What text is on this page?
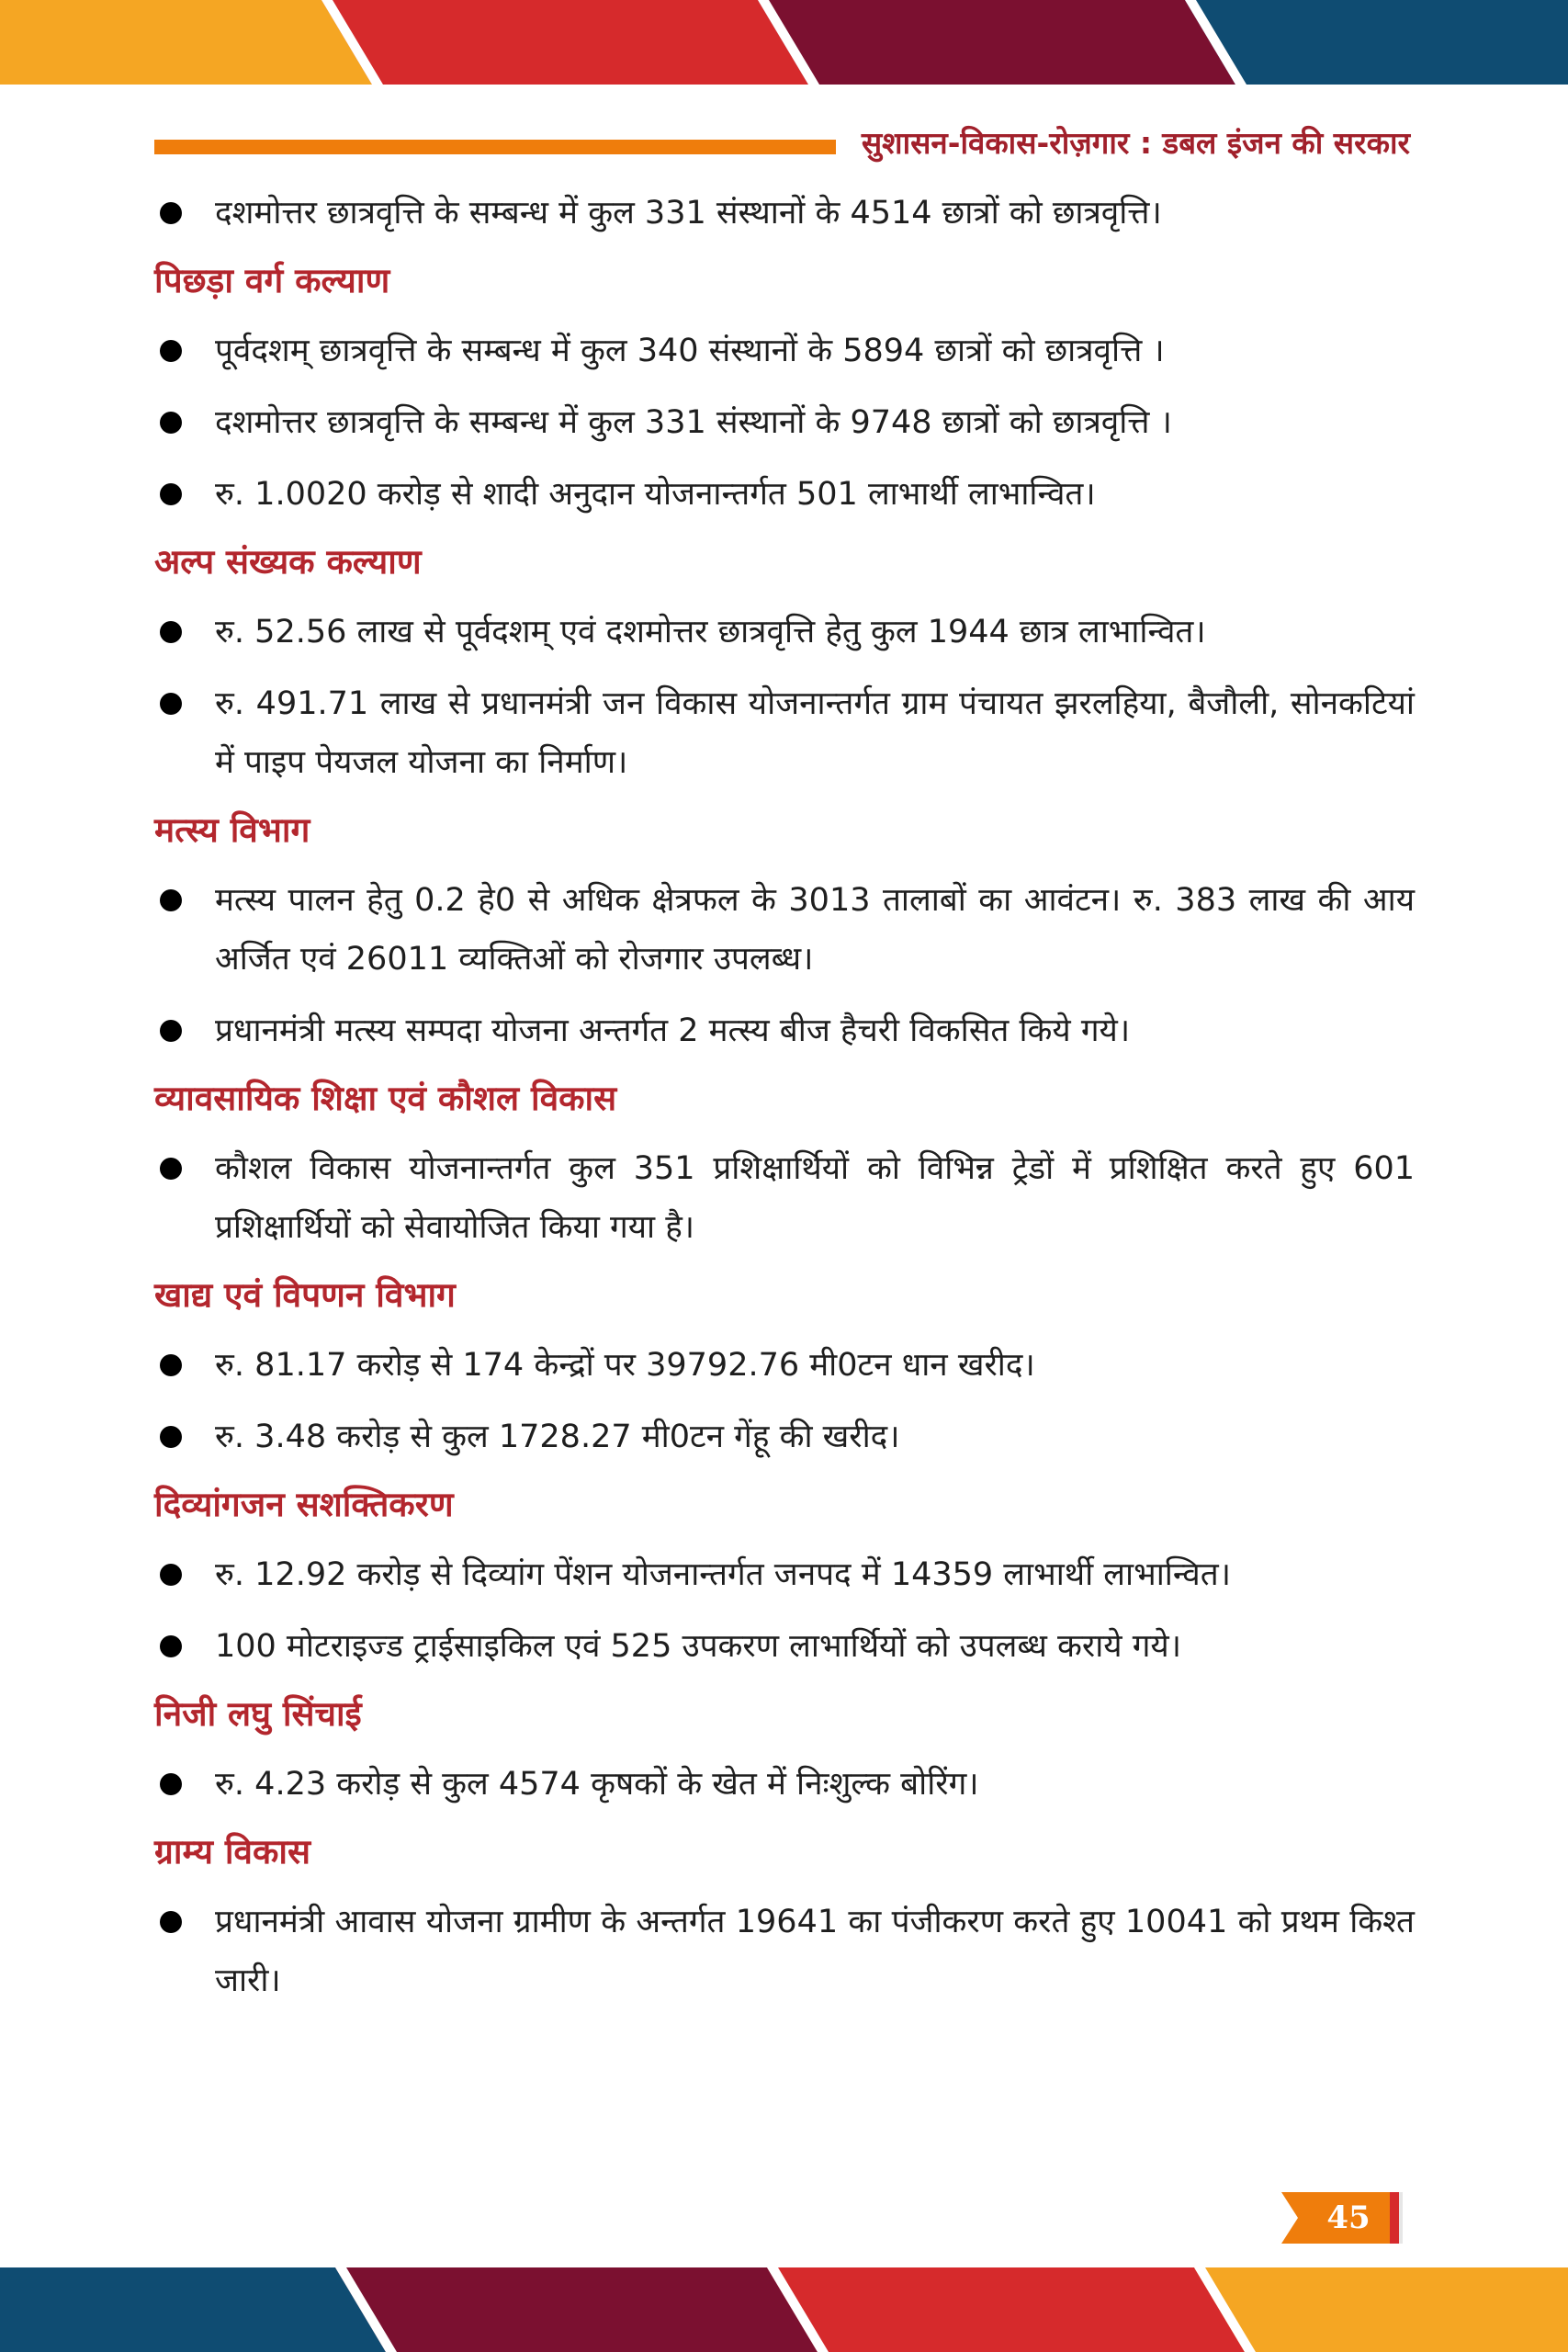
सुशासन-विकास-रोज़गार : डबल इंजन की सरकार
दशमोत्तर छात्रवृत्ति के सम्बन्ध में कुल 331 संस्थानों के 4514 छात्रों को छात्रवृत्ति।
पिछड़ा वर्ग कल्याण
पूर्वदशम् छात्रवृत्ति के सम्बन्ध में कुल 340 संस्थानों के 5894 छात्रों को छात्रवृत्ति ।
दशमोत्तर छात्रवृत्ति के सम्बन्ध में कुल 331 संस्थानों के 9748 छात्रों को छात्रवृत्ति ।
रु. 1.0020 करोड़ से शादी अनुदान योजनान्तर्गत 501 लाभार्थी लाभान्वित।
अल्प संख्यक कल्याण
रु. 52.56 लाख से पूर्वदशम् एवं दशमोत्तर छात्रवृत्ति हेतु कुल 1944 छात्र लाभान्वित।
रु. 491.71 लाख से प्रधानमंत्री जन विकास योजनान्तर्गत ग्राम पंचायत झरलहिया, बैजौली, सोनकटियां में पाइप पेयजल योजना का निर्माण।
मत्स्य विभाग
मत्स्य पालन हेतु 0.2 हे0 से अधिक क्षेत्रफल के 3013 तालाबों का आवंटन। रु. 383 लाख की आय अर्जित एवं 26011 व्यक्तिओं को रोजगार उपलब्ध।
प्रधानमंत्री मत्स्य सम्पदा योजना अन्तर्गत 2 मत्स्य बीज हैचरी विकसित किये गये।
व्यावसायिक शिक्षा एवं कौशल विकास
कौशल विकास योजनान्तर्गत कुल 351 प्रशिक्षार्थियों को विभिन्न ट्रेडों में प्रशिक्षित करते हुए 601 प्रशिक्षार्थियों को सेवायोजित किया गया है।
खाद्य एवं विपणन विभाग
रु. 81.17 करोड़ से 174 केन्द्रों पर 39792.76 मी0टन धान खरीद।
रु. 3.48 करोड़ से कुल 1728.27 मी0टन गेंहू की खरीद।
दिव्यांगजन सशक्तिकरण
रु. 12.92 करोड़ से दिव्यांग पेंशन योजनान्तर्गत जनपद में 14359 लाभार्थी लाभान्वित।
100 मोटराइज्ड ट्राईसाइकिल एवं 525 उपकरण लाभार्थियों को उपलब्ध कराये गये।
निजी लघु सिंचाई
रु. 4.23 करोड़ से कुल 4574 कृषकों के खेत में निःशुल्क बोरिंग।
ग्राम्य विकास
प्रधानमंत्री आवास योजना ग्रामीण के अन्तर्गत 19641 का पंजीकरण करते हुए 10041 को प्रथम किश्त जारी।
45
